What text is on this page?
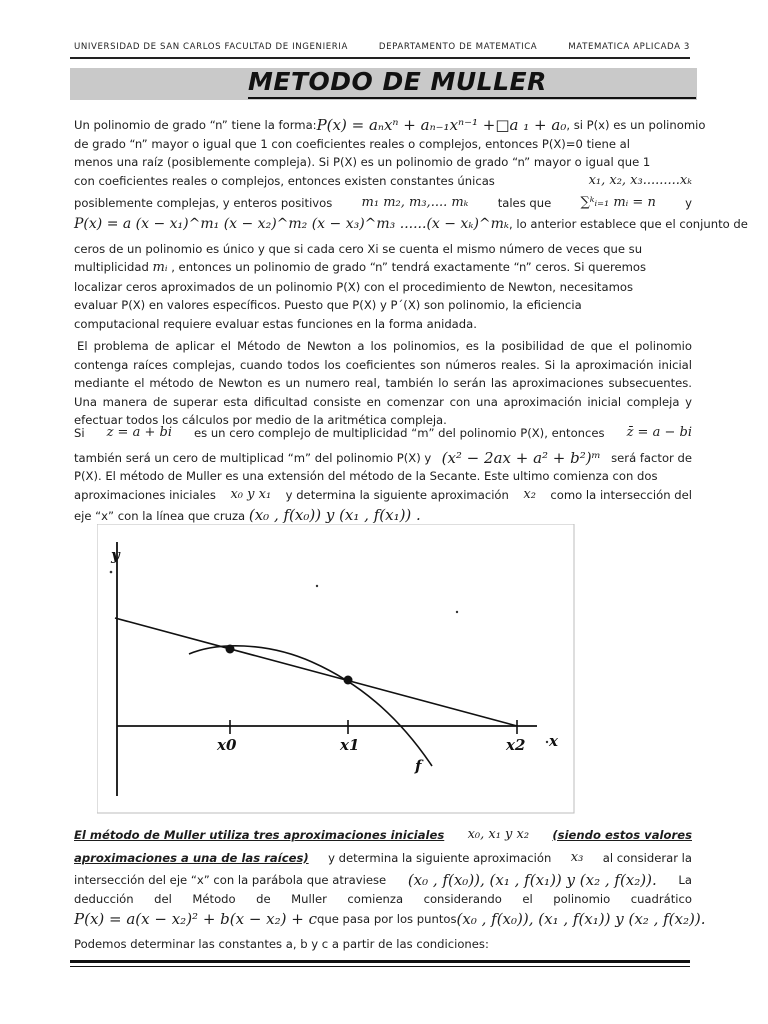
UNIVERSIDAD DE SAN CARLOS FACULTAD DE INGENIERIA	DEPARTAMENTO DE MATEMATICA	MATEMATICA APLICADA 3
METODO DE MULLER
Un polinomio de grado “n” tiene la forma: P(x) = aₙxⁿ + aₙ₋₁xⁿ⁻¹ +□a ₁ + a₀ , si P(x) es un polinomio
de grado “n” mayor o igual que 1 con coeficientes reales o complejos, entonces P(X)=0 tiene al
menos una raíz (posiblemente compleja). Si P(X) es un polinomio de grado “n” mayor o igual que 1
con coeficientes reales o complejos, entonces existen constantes únicas	x₁, x₂, x₃.........xₖ
posiblemente complejas, y enteros positivos m₁ m₂, m₃,.... mₖ	tales que ∑ᵏᵢ₌₁ mᵢ = n	y
P(x) = a (x − x₁)^m₁ (x − x₂)^m₂ (x − x₃)^m₃ ......(x − xₖ)^mₖ , lo anterior establece que el conjunto de
ceros de un polinomio es único y que si cada cero Xi se cuenta el mismo número de veces que su
multiplicidad mᵢ , entonces un polinomio de grado “n” tendrá exactamente “n” ceros. Si queremos
localizar ceros aproximados de un polinomio P(X) con el procedimiento de Newton, necesitamos
evaluar P(X) en valores específicos. Puesto que P(X) y P´(X) son polinomio, la eficiencia
computacional requiere evaluar estas funciones en la forma anidada.
El problema de aplicar el Método de Newton a los polinomios, es la posibilidad de que el polinomio contenga raíces complejas, cuando todos los coeficientes son números reales. Si la aproximación inicial mediante el método de Newton es un numero real, también lo serán las aproximaciones subsecuentes. Una manera de superar esta dificultad consiste en comenzar con una aproximación inicial compleja y efectuar todos los cálculos por medio de la aritmética compleja.
Si z = a + bi es un cero complejo de multiplicidad “m” del polinomio P(X), entonces z̄ = a − bi
también será un cero de multiplicad “m” del polinomio P(X) y (x² − 2ax + a² + b²)ᵐ será factor de
P(X). El método de Muller es una extensión del método de la Secante. Este ultimo comienza con dos
aproximaciones iniciales x₀ y x₁ y determina la siguiente aproximación x₂ como la intersección del
eje “x” con la línea que cruza (x₀ , f(x₀)) y (x₁ , f(x₁)) .
y
x
x0	x1	x2
f
El método de Muller utiliza tres aproximaciones iniciales x₀, x₁ y x₂ (siendo estos valores
aproximaciones a una de las raíces) y determina la siguiente aproximación x₃ al considerar la
intersección del eje “x” con la parábola que atraviese (x₀ , f(x₀)), (x₁ , f(x₁)) y (x₂ , f(x₂)). La
deducción del Método de Muller comienza considerando el polinomio cuadrático
P(x) = a(x − x₂)² + b(x − x₂) + c que pasa por los puntos (x₀ , f(x₀)), (x₁ , f(x₁)) y (x₂ , f(x₂)).
Podemos determinar las constantes a, b y c a partir de las condiciones:
